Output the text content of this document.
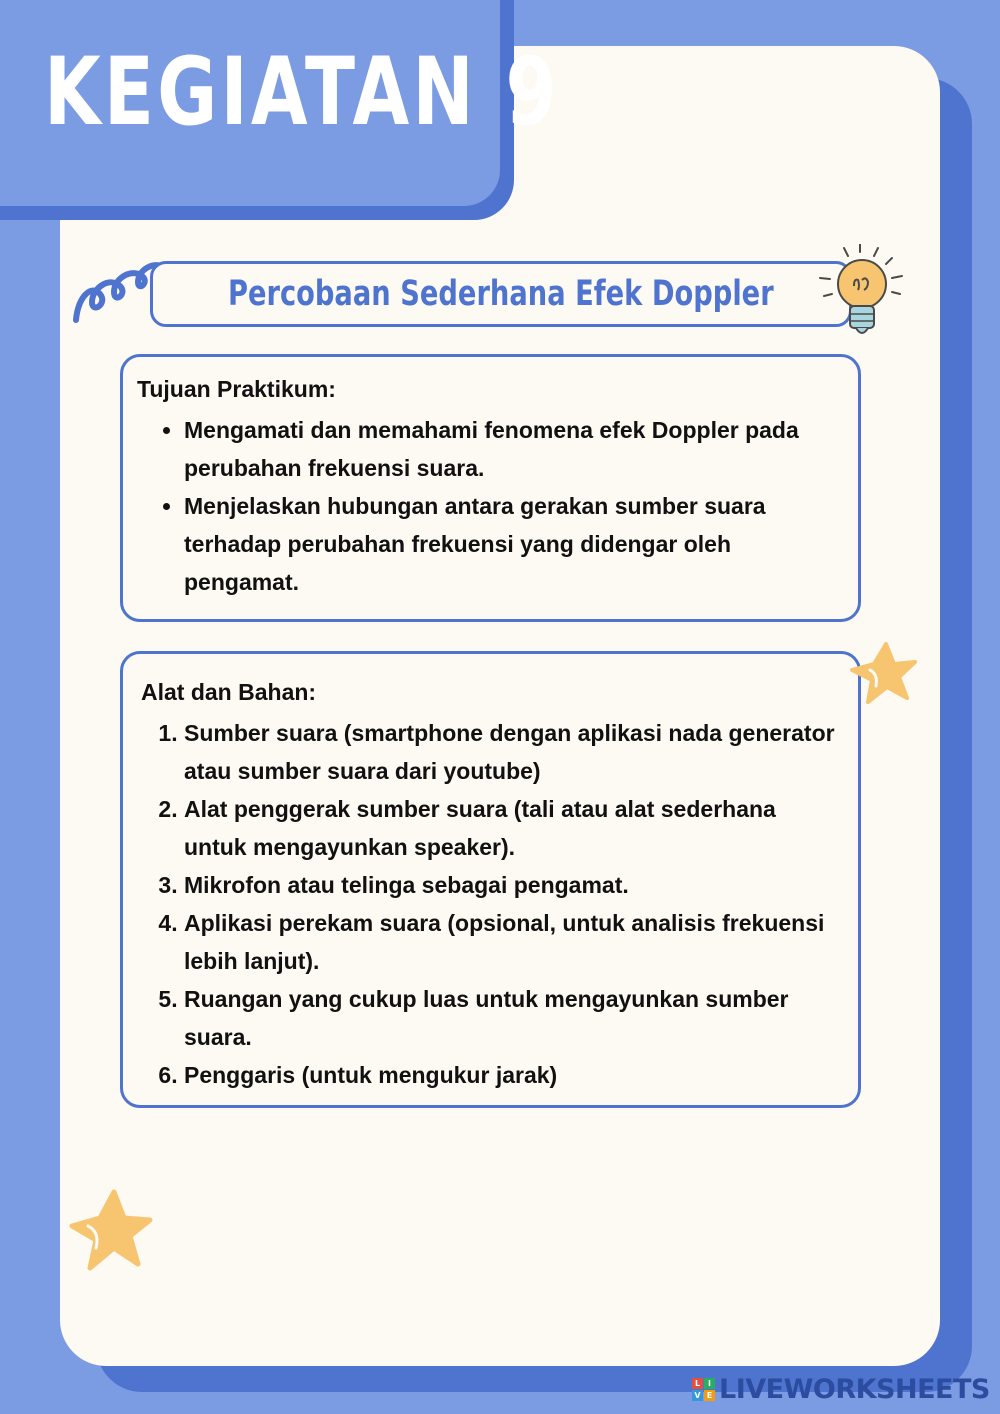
KEGIATAN 9
Percobaan Sederhana Efek Doppler
Tujuan Praktikum:
• Mengamati dan memahami fenomena efek Doppler pada perubahan frekuensi suara.
• Menjelaskan hubungan antara gerakan sumber suara terhadap perubahan frekuensi yang didengar oleh pengamat.
Alat dan Bahan:
1. Sumber suara (smartphone dengan aplikasi nada generator atau sumber suara dari youtube)
2. Alat penggerak sumber suara (tali atau alat sederhana untuk mengayunkan speaker).
3. Mikrofon atau telinga sebagai pengamat.
4. Aplikasi perekam suara (opsional, untuk analisis frekuensi lebih lanjut).
5. Ruangan yang cukup luas untuk mengayunkan sumber suara.
6. Penggaris (untuk mengukur jarak)
L I
V E LIVEWORKSHEETS
